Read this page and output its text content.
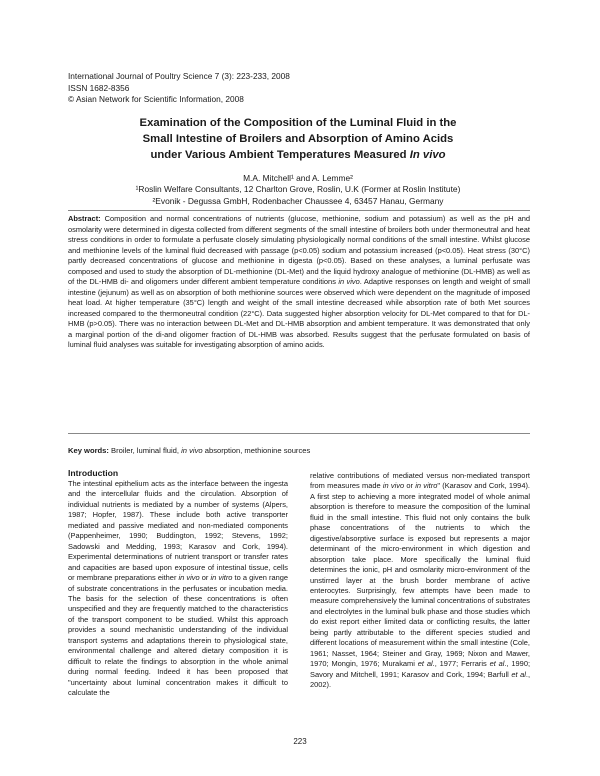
International Journal of Poultry Science 7 (3): 223-233, 2008
ISSN 1682-8356
© Asian Network for Scientific Information, 2008
Examination of the Composition of the Luminal Fluid in the
Small Intestine of Broilers and Absorption of Amino Acids
under Various Ambient Temperatures Measured In vivo
M.A. Mitchell¹ and A. Lemme²
¹Roslin Welfare Consultants, 12 Charlton Grove, Roslin, U.K (Former at Roslin Institute)
²Evonik - Degussa GmbH, Rodenbacher Chaussee 4, 63457 Hanau, Germany
Abstract: Composition and normal concentrations of nutrients (glucose, methionine, sodium and potassium) as well as the pH and osmolarity were determined in digesta collected from different segments of the small intestine of broilers both under thermoneutral and heat stress conditions in order to formulate a perfusate closely simulating physiologically normal conditions of the small intestine. Whilst glucose and methionine levels of the luminal fluid decreased with passage (p<0.05) sodium and potassium increased (p<0.05). Heat stress (30°C) partly decreased concentrations of glucose and methionine in digesta (p<0.05). Based on these analyses, a luminal perfusate was composed and used to study the absorption of DL-methionine (DL-Met) and the liquid hydroxy analogue of methionine (DL-HMB) as well as of the DL-HMB di- and oligomers under different ambient temperature conditions in vivo. Adaptive responses on length and weight of small intestine (jejunum) as well as on absorption of both methionine sources were observed which were dependent on the magnitude of imposed heat load. At higher temperature (35°C) length and weight of the small intestine decreased while absorption rate of both Met sources increased compared to the thermoneutral condition (22°C). Data suggested higher absorption velocity for DL-Met compared to that for DL-HMB (p>0.05). There was no interaction between DL-Met and DL-HMB absorption and ambient temperature. It was demonstrated that only a marginal portion of the di-and oligomer fraction of DL-HMB was absorbed. Results suggest that the perfusate formulated on basis of luminal fluid analyses was suitable for investigating absorption of amino acids.
Key words: Broiler, luminal fluid, in vivo absorption, methionine sources
Introduction
The intestinal epithelium acts as the interface between the ingesta and the intercellular fluids and the circulation. Absorption of individual nutrients is mediated by a number of systems (Alpers, 1987; Hopfer, 1987). These include both active transporter mediated and passive mediated and non-mediated components (Pappenheimer, 1990; Buddington, 1992; Stevens, 1992; Sadowski and Medding, 1993; Karasov and Cork, 1994). Experimental determinations of nutrient transport or transfer rates and capacities are based upon exposure of intestinal tissue, cells or membrane preparations either in vivo or in vitro to a given range of substrate concentrations in the perfusates or incubation media. The basis for the selection of these concentrations is often unspecified and they are frequently matched to the characteristics of the transport component to be studied. Whilst this approach provides a sound mechanistic understanding of the individual transport systems and adaptations therein to physiological state, environmental challenge and altered dietary composition it is difficult to relate the findings to absorption in the whole animal during normal feeding. Indeed it has been proposed that "uncertainty about luminal concentration makes it difficult to calculate the
relative contributions of mediated versus non-mediated transport from measures made in vivo or in vitro" (Karasov and Cork, 1994). A first step to achieving a more integrated model of whole animal absorption is therefore to measure the composition of the luminal fluid in the small intestine. This fluid not only contains the bulk phase concentrations of the nutrients to which the digestive/absorptive surface is exposed but represents a major determinant of the micro-environment in which digestion and absorption take place. More specifically the luminal fluid determines the ionic, pH and osmolarity micro-environment of the unstirred layer at the brush border membrane of active enterocytes. Surprisingly, few attempts have been made to measure comprehensively the luminal concentrations of substrates and electrolytes in the luminal bulk phase and those studies which do exist report either limited data or conflicting results, the latter being partly attributable to the different species studied and different locations of measurement within the small intestine (Cole, 1961; Nasset, 1964; Steiner and Gray, 1969; Nixon and Mawer, 1970; Mongin, 1976; Murakami et al., 1977; Ferraris et al., 1990; Savory and Mitchell, 1991; Karasov and Cork, 1994; Barfull et al., 2002).
223
